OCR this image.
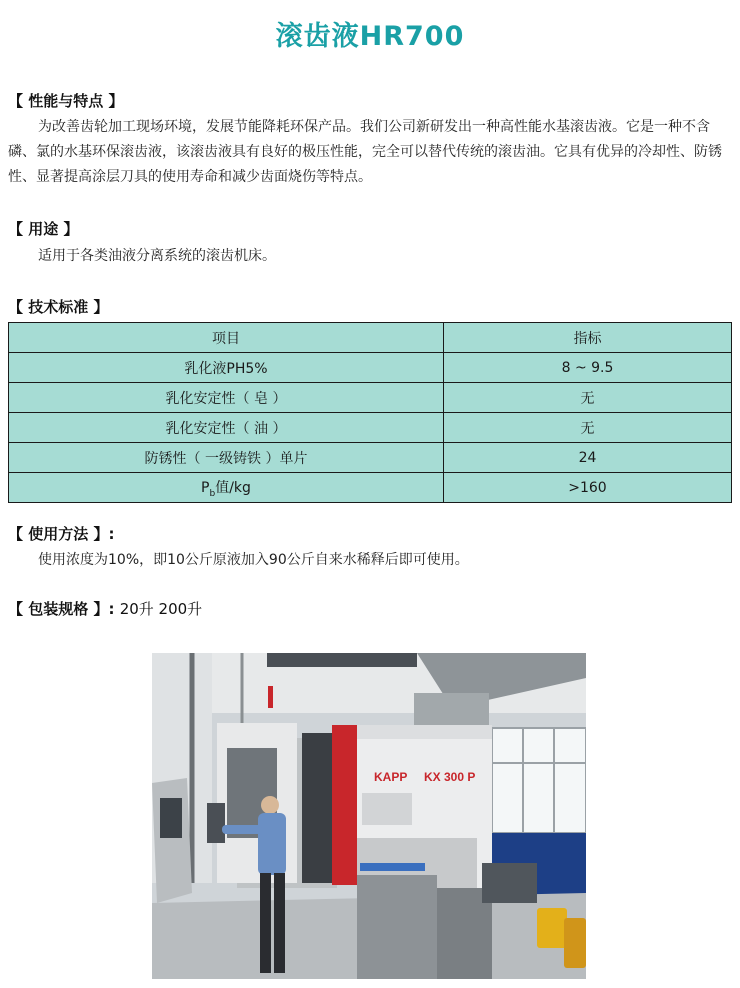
滚齿液HR700
【 性能与特点 】
为改善齿轮加工现场环境，发展节能降耗环保产品。我们公司新研发出一种高性能水基滚齿液。它是一种不含磷、氯的水基环保滚齿液，该滚齿液具有良好的极压性能，完全可以替代传统的滚齿油。它具有优异的冷却性、防锈性、显著提高涂层刀具的使用寿命和减少齿面烧伤等特点。
【 用途 】
适用于各类油液分离系统的滚齿机床。
【 技术标准 】
项目	指标
乳化液PH5%	8 ~ 9.5
乳化安定性（ 皂 ）	无
乳化安定性（ 油 ）	无
防锈性（ 一级铸铁 ）单片	24
$P_b$值/kg	>160
【 使用方法 】:
使用浓度为10%，即10公斤原液加入90公斤自来水稀释后即可使用。
【 包装规格 】: 20升 200升
KAPP KX 300 P
